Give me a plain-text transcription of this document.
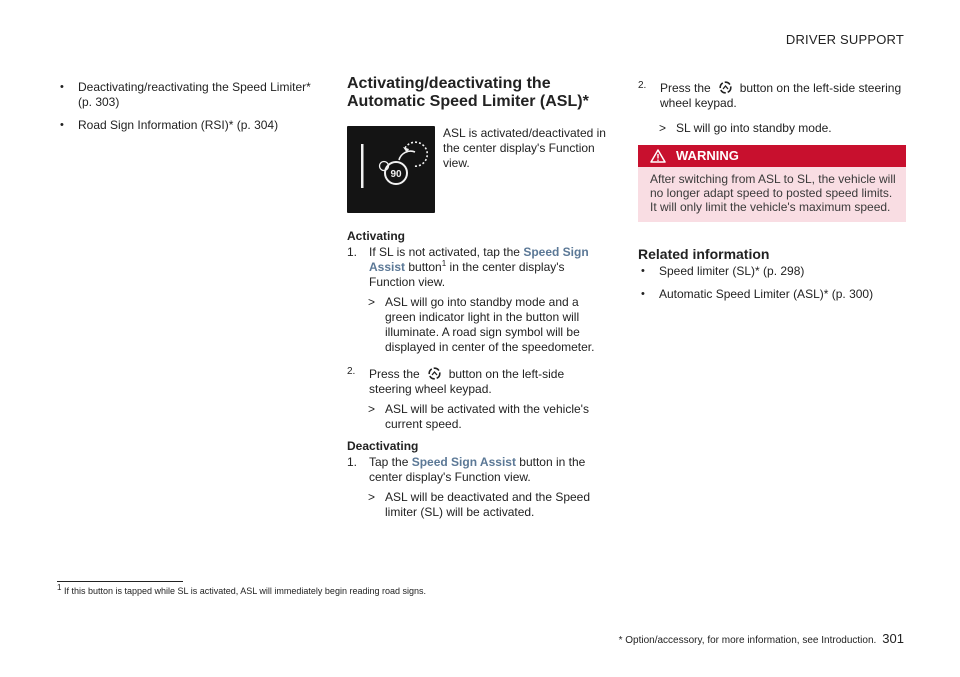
DRIVER SUPPORT
• Deactivating/reactivating the Speed Limiter* (p. 303)
• Road Sign Information (RSI)* (p. 304)
Activating/deactivating the Automatic Speed Limiter (ASL)*
90
ASL is activated/deactivated in the center display's Function view.
Activating
1. If SL is not activated, tap the Speed Sign Assist button$^1$ in the center display's Function view.
> ASL will go into standby mode and a green indicator light in the button will illuminate. A road sign symbol will be displayed in center of the speedometer.
2. Press the button on the left-side steering wheel keypad.
> ASL will be activated with the vehicle's current speed.
Deactivating
1. Tap the Speed Sign Assist button in the center display's Function view.
> ASL will be deactivated and the Speed limiter (SL) will be activated.
2. Press the button on the left-side steering wheel keypad.
> SL will go into standby mode.
WARNING
After switching from ASL to SL, the vehicle will no longer adapt speed to posted speed limits. It will only limit the vehicle's maximum speed.
Related information
• Speed limiter (SL)* (p. 298)
• Automatic Speed Limiter (ASL)* (p. 300)
$^1$ If this button is tapped while SL is activated, ASL will immediately begin reading road signs.
* Option/accessory, for more information, see Introduction. 301
